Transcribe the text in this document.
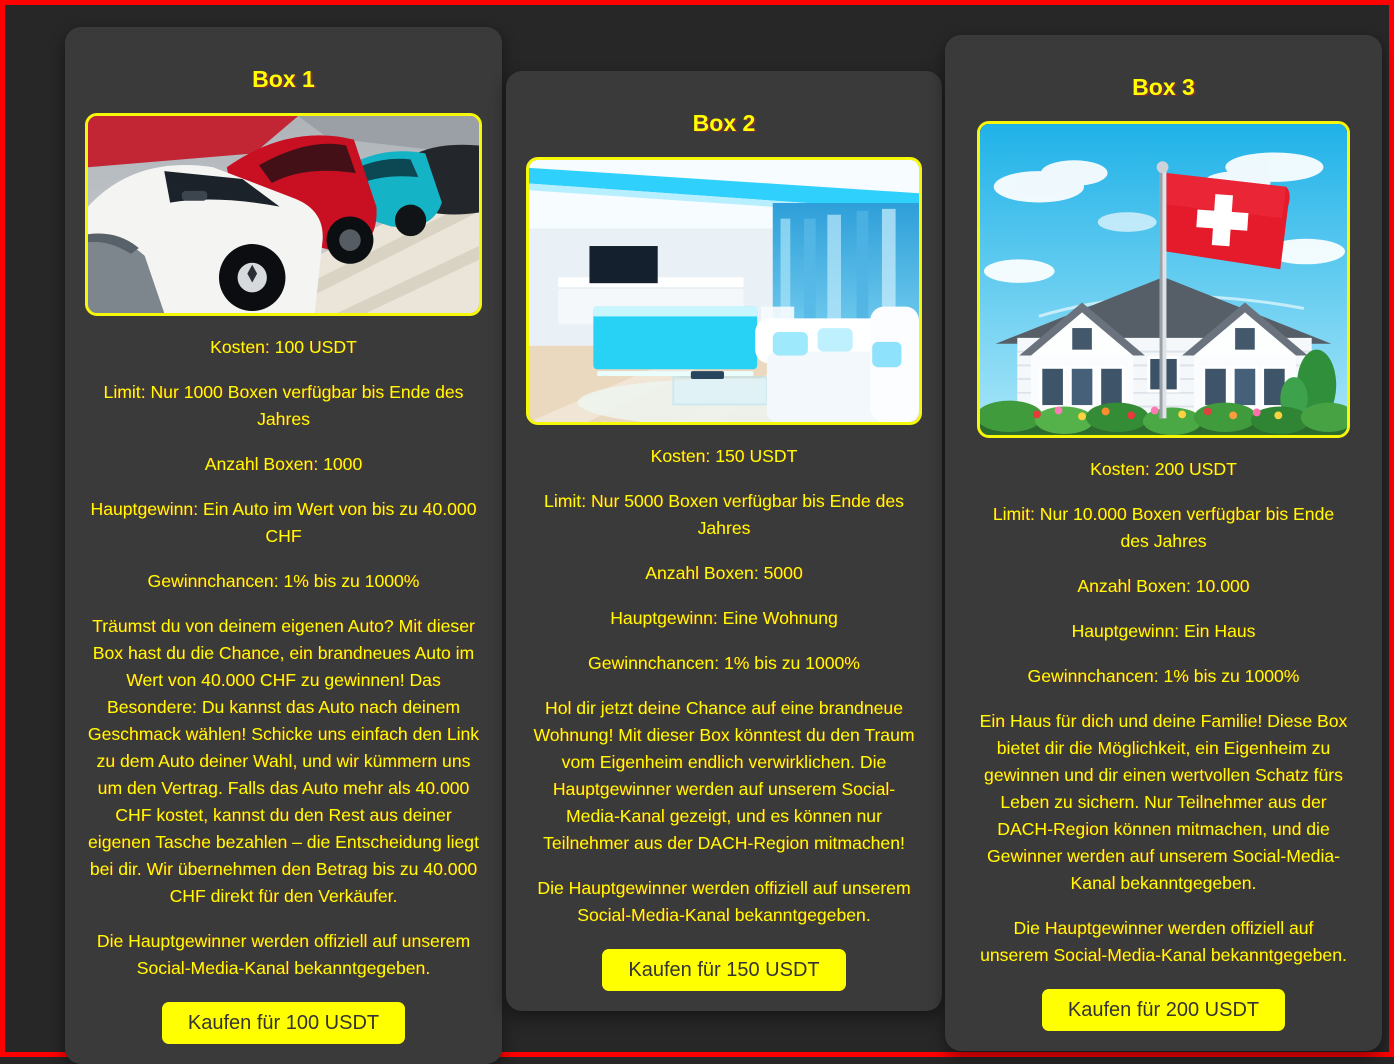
Box 1

Kosten: 100 USDT

Limit: Nur 1000 Boxen verfügbar bis Ende des Jahres

Anzahl Boxen: 1000

Hauptgewinn: Ein Auto im Wert von bis zu 40.000 CHF

Gewinnchancen: 1% bis zu 1000%

Träumst du von deinem eigenen Auto? Mit dieser Box hast du die Chance, ein brandneues Auto im Wert von 40.000 CHF zu gewinnen! Das Besondere: Du kannst das Auto nach deinem Geschmack wählen! Schicke uns einfach den Link zu dem Auto deiner Wahl, und wir kümmern uns um den Vertrag. Falls das Auto mehr als 40.000 CHF kostet, kannst du den Rest aus deiner eigenen Tasche bezahlen – die Entscheidung liegt bei dir. Wir übernehmen den Betrag bis zu 40.000 CHF direkt für den Verkäufer.

Die Hauptgewinner werden offiziell auf unserem Social-Media-Kanal bekanntgegeben.

Kaufen für 100 USDT
Box 2

Kosten: 150 USDT

Limit: Nur 5000 Boxen verfügbar bis Ende des Jahres

Anzahl Boxen: 5000

Hauptgewinn: Eine Wohnung

Gewinnchancen: 1% bis zu 1000%

Hol dir jetzt deine Chance auf eine brandneue Wohnung! Mit dieser Box könntest du den Traum vom Eigenheim endlich verwirklichen. Die Hauptgewinner werden auf unserem Social-Media-Kanal gezeigt, und es können nur Teilnehmer aus der DACH-Region mitmachen!

Die Hauptgewinner werden offiziell auf unserem Social-Media-Kanal bekanntgegeben.

Kaufen für 150 USDT
Box 3

Kosten: 200 USDT

Limit: Nur 10.000 Boxen verfügbar bis Ende des Jahres

Anzahl Boxen: 10.000

Hauptgewinn: Ein Haus

Gewinnchancen: 1% bis zu 1000%

Ein Haus für dich und deine Familie! Diese Box bietet dir die Möglichkeit, ein Eigenheim zu gewinnen und dir einen wertvollen Schatz fürs Leben zu sichern. Nur Teilnehmer aus der DACH-Region können mitmachen, und die Gewinner werden auf unserem Social-Media-Kanal bekanntgegeben.

Die Hauptgewinner werden offiziell auf unserem Social-Media-Kanal bekanntgegeben.

Kaufen für 200 USDT
